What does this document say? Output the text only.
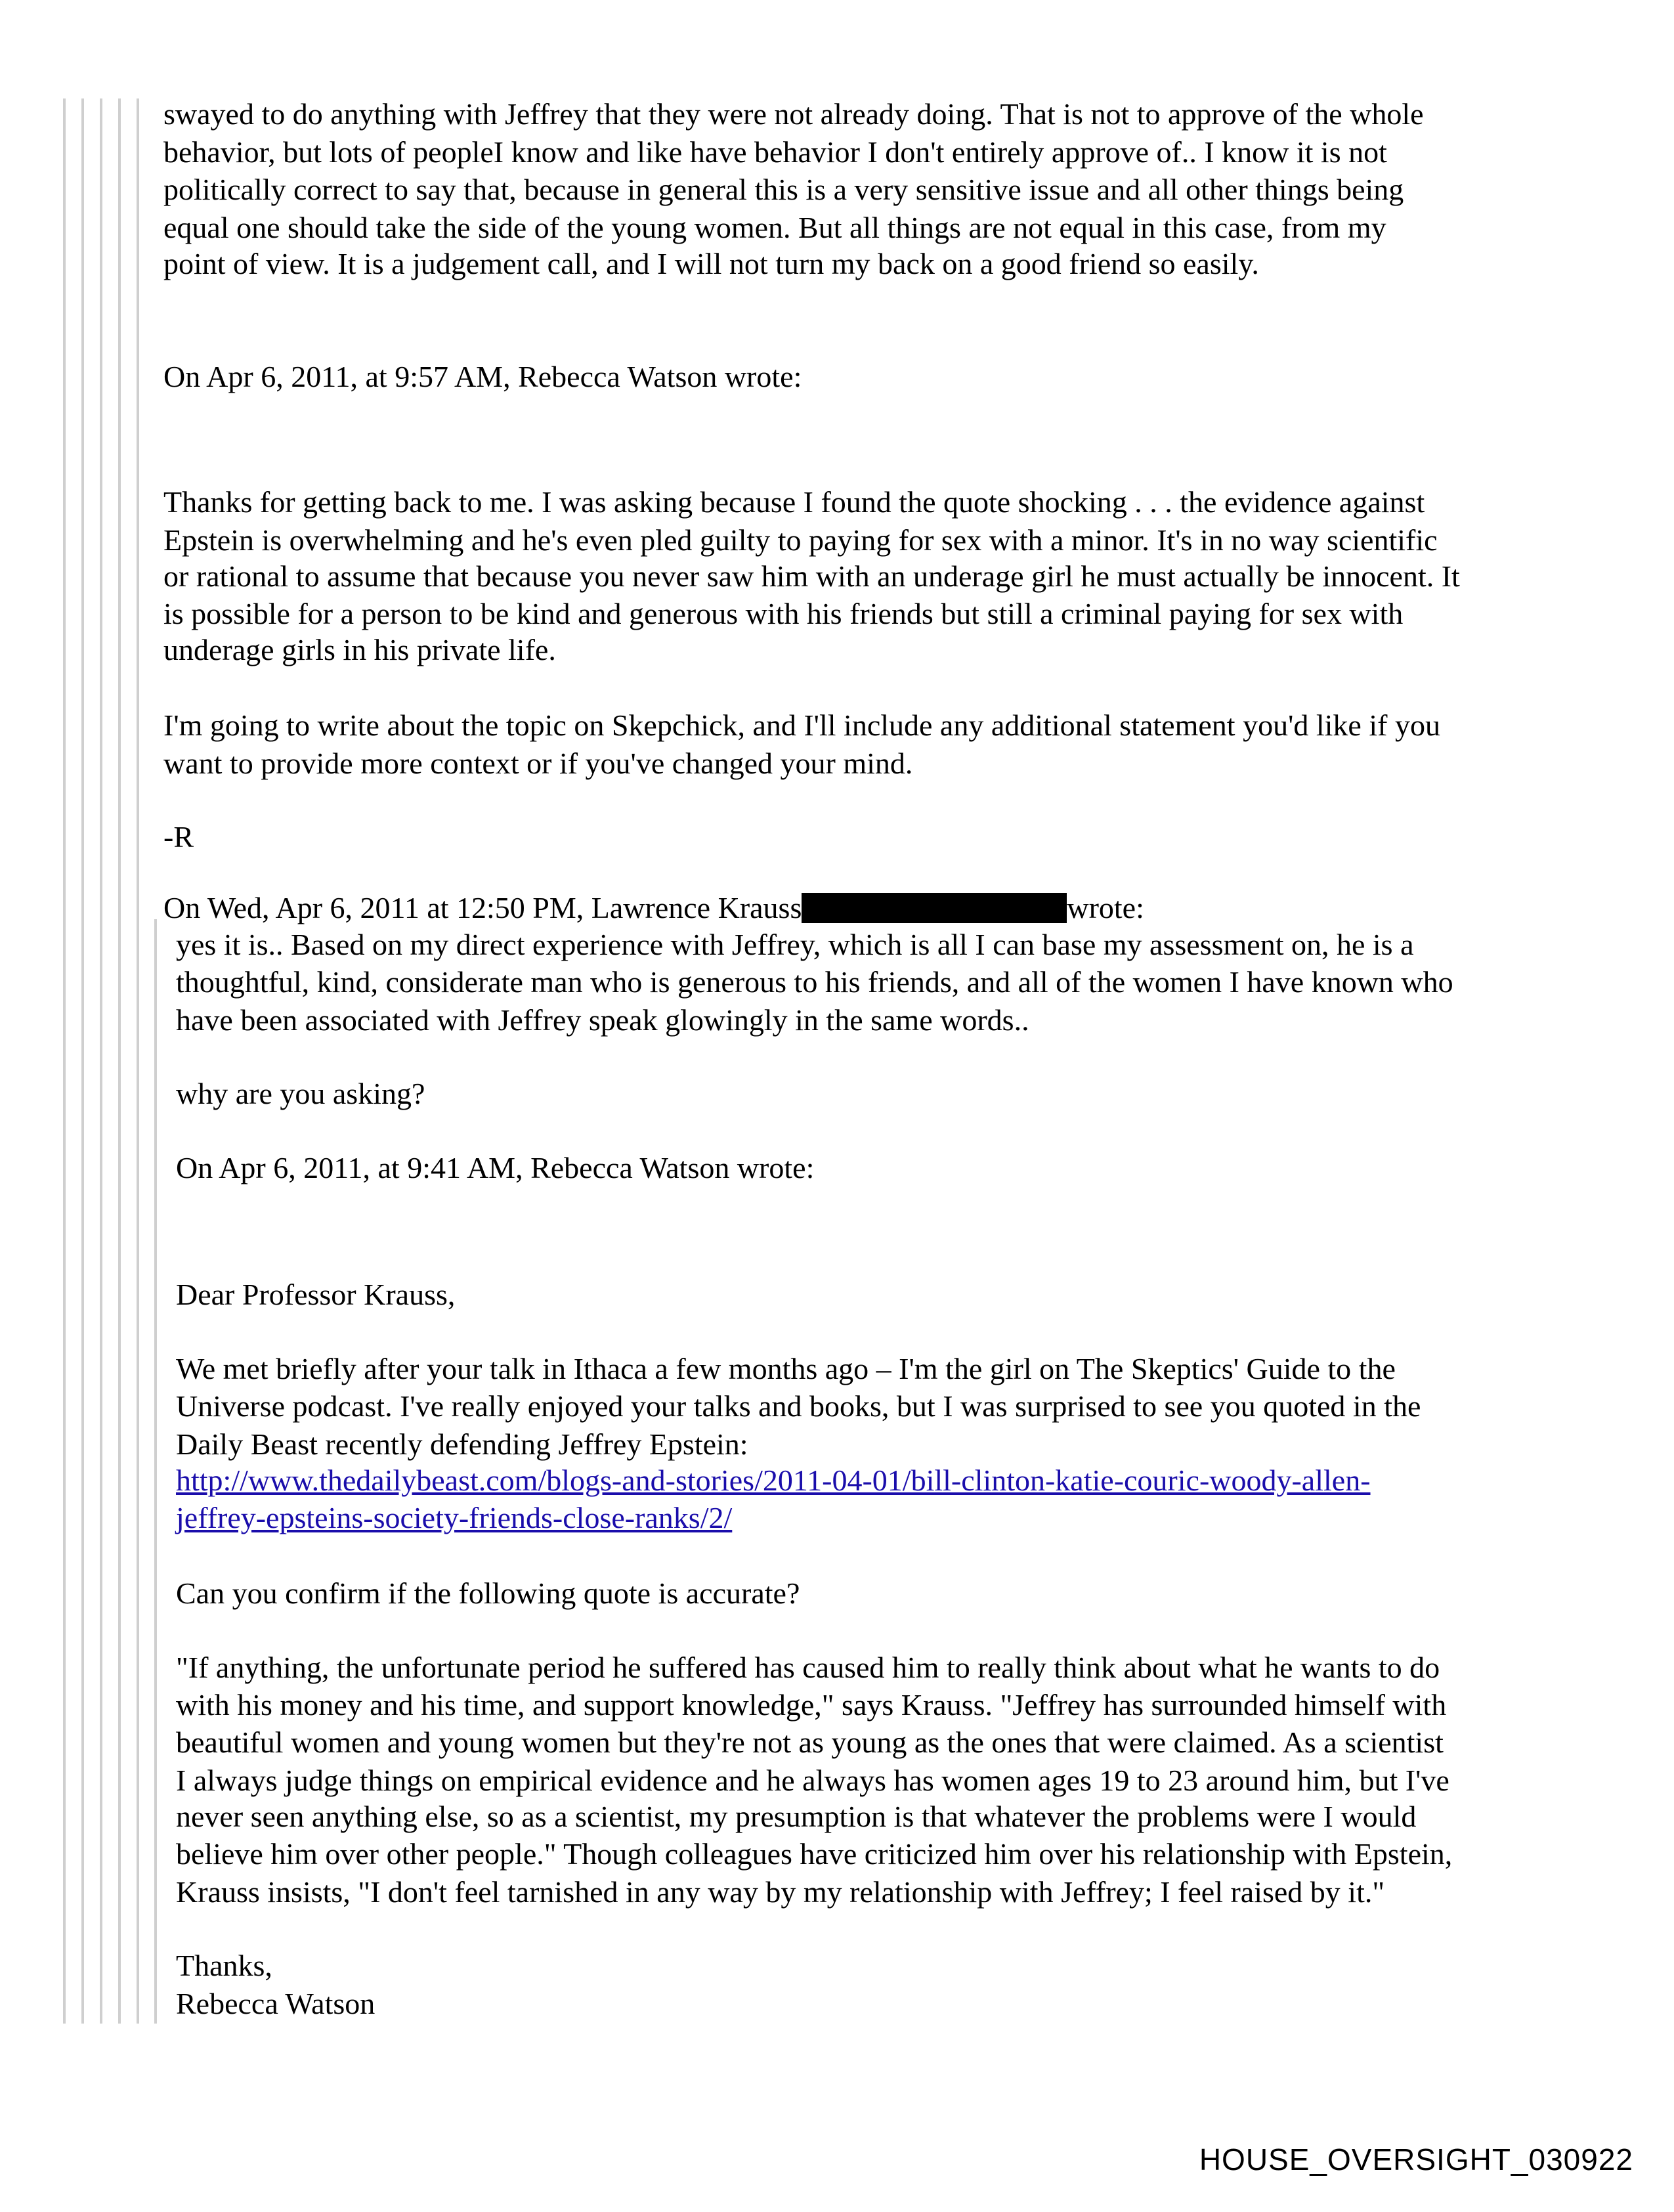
On Wed, Apr 6, 2011 at 12:50 PM, Lawrence Krauss	wrote:
HOUSE_OVERSIGHT_030922
swayed to do anything with Jeffrey that they were not already doing. That is not to approve of the whole
behavior, but lots of peopleI know and like have behavior I don't entirely approve of.. I know it is not
politically correct to say that, because in general this is a very sensitive issue and all other things being
equal one should take the side of the young women. But all things are not equal in this case, from my
point of view. It is a judgement call, and I will not turn my back on a good friend so easily.
On Apr 6, 2011, at 9:57 AM, Rebecca Watson wrote:
Thanks for getting back to me. I was asking because I found the quote shocking . . . the evidence against
Epstein is overwhelming and he's even pled guilty to paying for sex with a minor. It's in no way scientific
or rational to assume that because you never saw him with an underage girl he must actually be innocent. It
is possible for a person to be kind and generous with his friends but still a criminal paying for sex with
underage girls in his private life.
I'm going to write about the topic on Skepchick, and I'll include any additional statement you'd like if you
want to provide more context or if you've changed your mind.
-R
yes it is.. Based on my direct experience with Jeffrey, which is all I can base my assessment on, he is a
thoughtful, kind, considerate man who is generous to his friends, and all of the women I have known who
have been associated with Jeffrey speak glowingly in the same words..
why are you asking?
On Apr 6, 2011, at 9:41 AM, Rebecca Watson wrote:
Dear Professor Krauss,
We met briefly after your talk in Ithaca a few months ago – I'm the girl on The Skeptics' Guide to the
Universe podcast. I've really enjoyed your talks and books, but I was surprised to see you quoted in the
Daily Beast recently defending Jeffrey Epstein:
http://www.thedailybeast.com/blogs-and-stories/2011-04-01/bill-clinton-katie-couric-woody-allen-
jeffrey-epsteins-society-friends-close-ranks/2/
Can you confirm if the following quote is accurate?
"If anything, the unfortunate period he suffered has caused him to really think about what he wants to do
with his money and his time, and support knowledge," says Krauss. "Jeffrey has surrounded himself with
beautiful women and young women but they're not as young as the ones that were claimed. As a scientist
I always judge things on empirical evidence and he always has women ages 19 to 23 around him, but I've
never seen anything else, so as a scientist, my presumption is that whatever the problems were I would
believe him over other people." Though colleagues have criticized him over his relationship with Epstein,
Krauss insists, "I don't feel tarnished in any way by my relationship with Jeffrey; I feel raised by it."
Thanks,
Rebecca Watson
